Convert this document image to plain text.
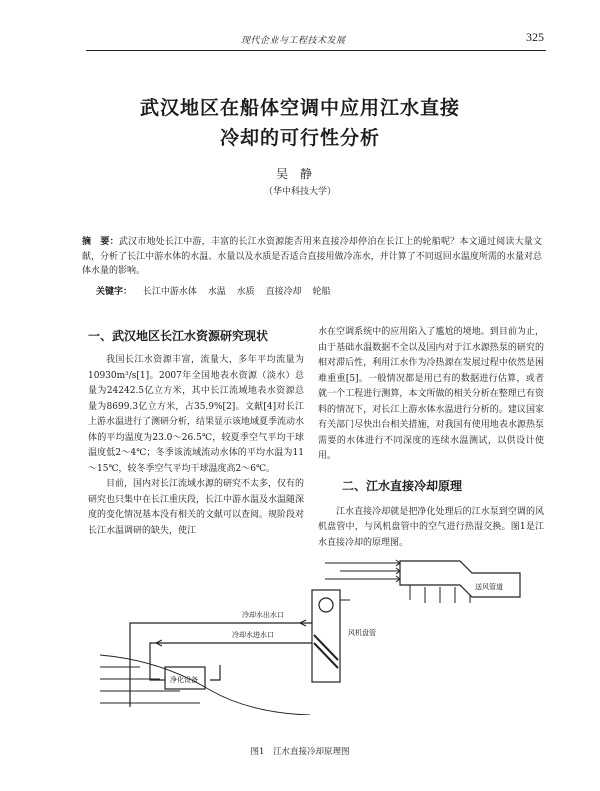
现代企业与工程技术发展	325
武汉地区在船体空调中应用江水直接
冷却的可行性分析
吴静
（华中科技大学）
摘　要：武汉市地处长江中游，丰富的长江水资源能否用来直接冷却停泊在长江上的轮船呢？本文通过阅读大量文献，分析了长江中游水体的水温、水量以及水质是否适合直接用做冷冻水，并计算了不同返回水温度所需的水量对总体水量的影响。
关键字： 长江中游水体 水温 水质 直接冷却 轮船
一、武汉地区长江水资源研究现状

我国长江水资源丰富，流量大，多年平均流量为10930m³/s[1]。2007年全国地表水资源（淡水）总量为24242.5亿立方米，其中长江流域地表水资源总量为8699.3亿立方米，占35.9%[2]。文献[4]对长江上游水温进行了测研分析，结果显示该地域夏季流动水体的平均温度为23.0～26.5℃，较夏季空气平均干球温度低2～4℃；冬季该流域流动水体的平均水温为11～15℃，较冬季空气平均干球温度高2～6℃。

目前，国内对长江流域水源的研究不太多，仅有的研究也只集中在长江重庆段，长江中游水温及水温随深度的变化情况基本没有相关的文献可以查阅。规阶段对长江水温调研的缺失，使江

水在空调系统中的应用陷入了尴尬的境地。到目前为止，由于基础水温数据不全以及国内对于江水源热泵的研究的相对滞后性，利用江水作为冷热源在发展过程中依然是困难重重[5]。一般情况都是用已有的数据进行估算，或者就一个工程进行测算，本文所做的相关分析在整理已有资料的情况下，对长江上游水体水温进行分析的。建议国家有关部门尽快出台相关措施，对我国有使用地表水源热泵需要的水体进行不同深度的连续水温测试，以供设计使用。

二、江水直接冷却原理

江水直接冷却就是把净化处理后的江水泵到空调的风机盘管中，与风机盘管中的空气进行热湿交换。图1是江水直接冷却的原理图。

送风管道
风机盘管
冷却水出水口
冷却水进水口
净化设备
图1　江水直接冷却原理图
